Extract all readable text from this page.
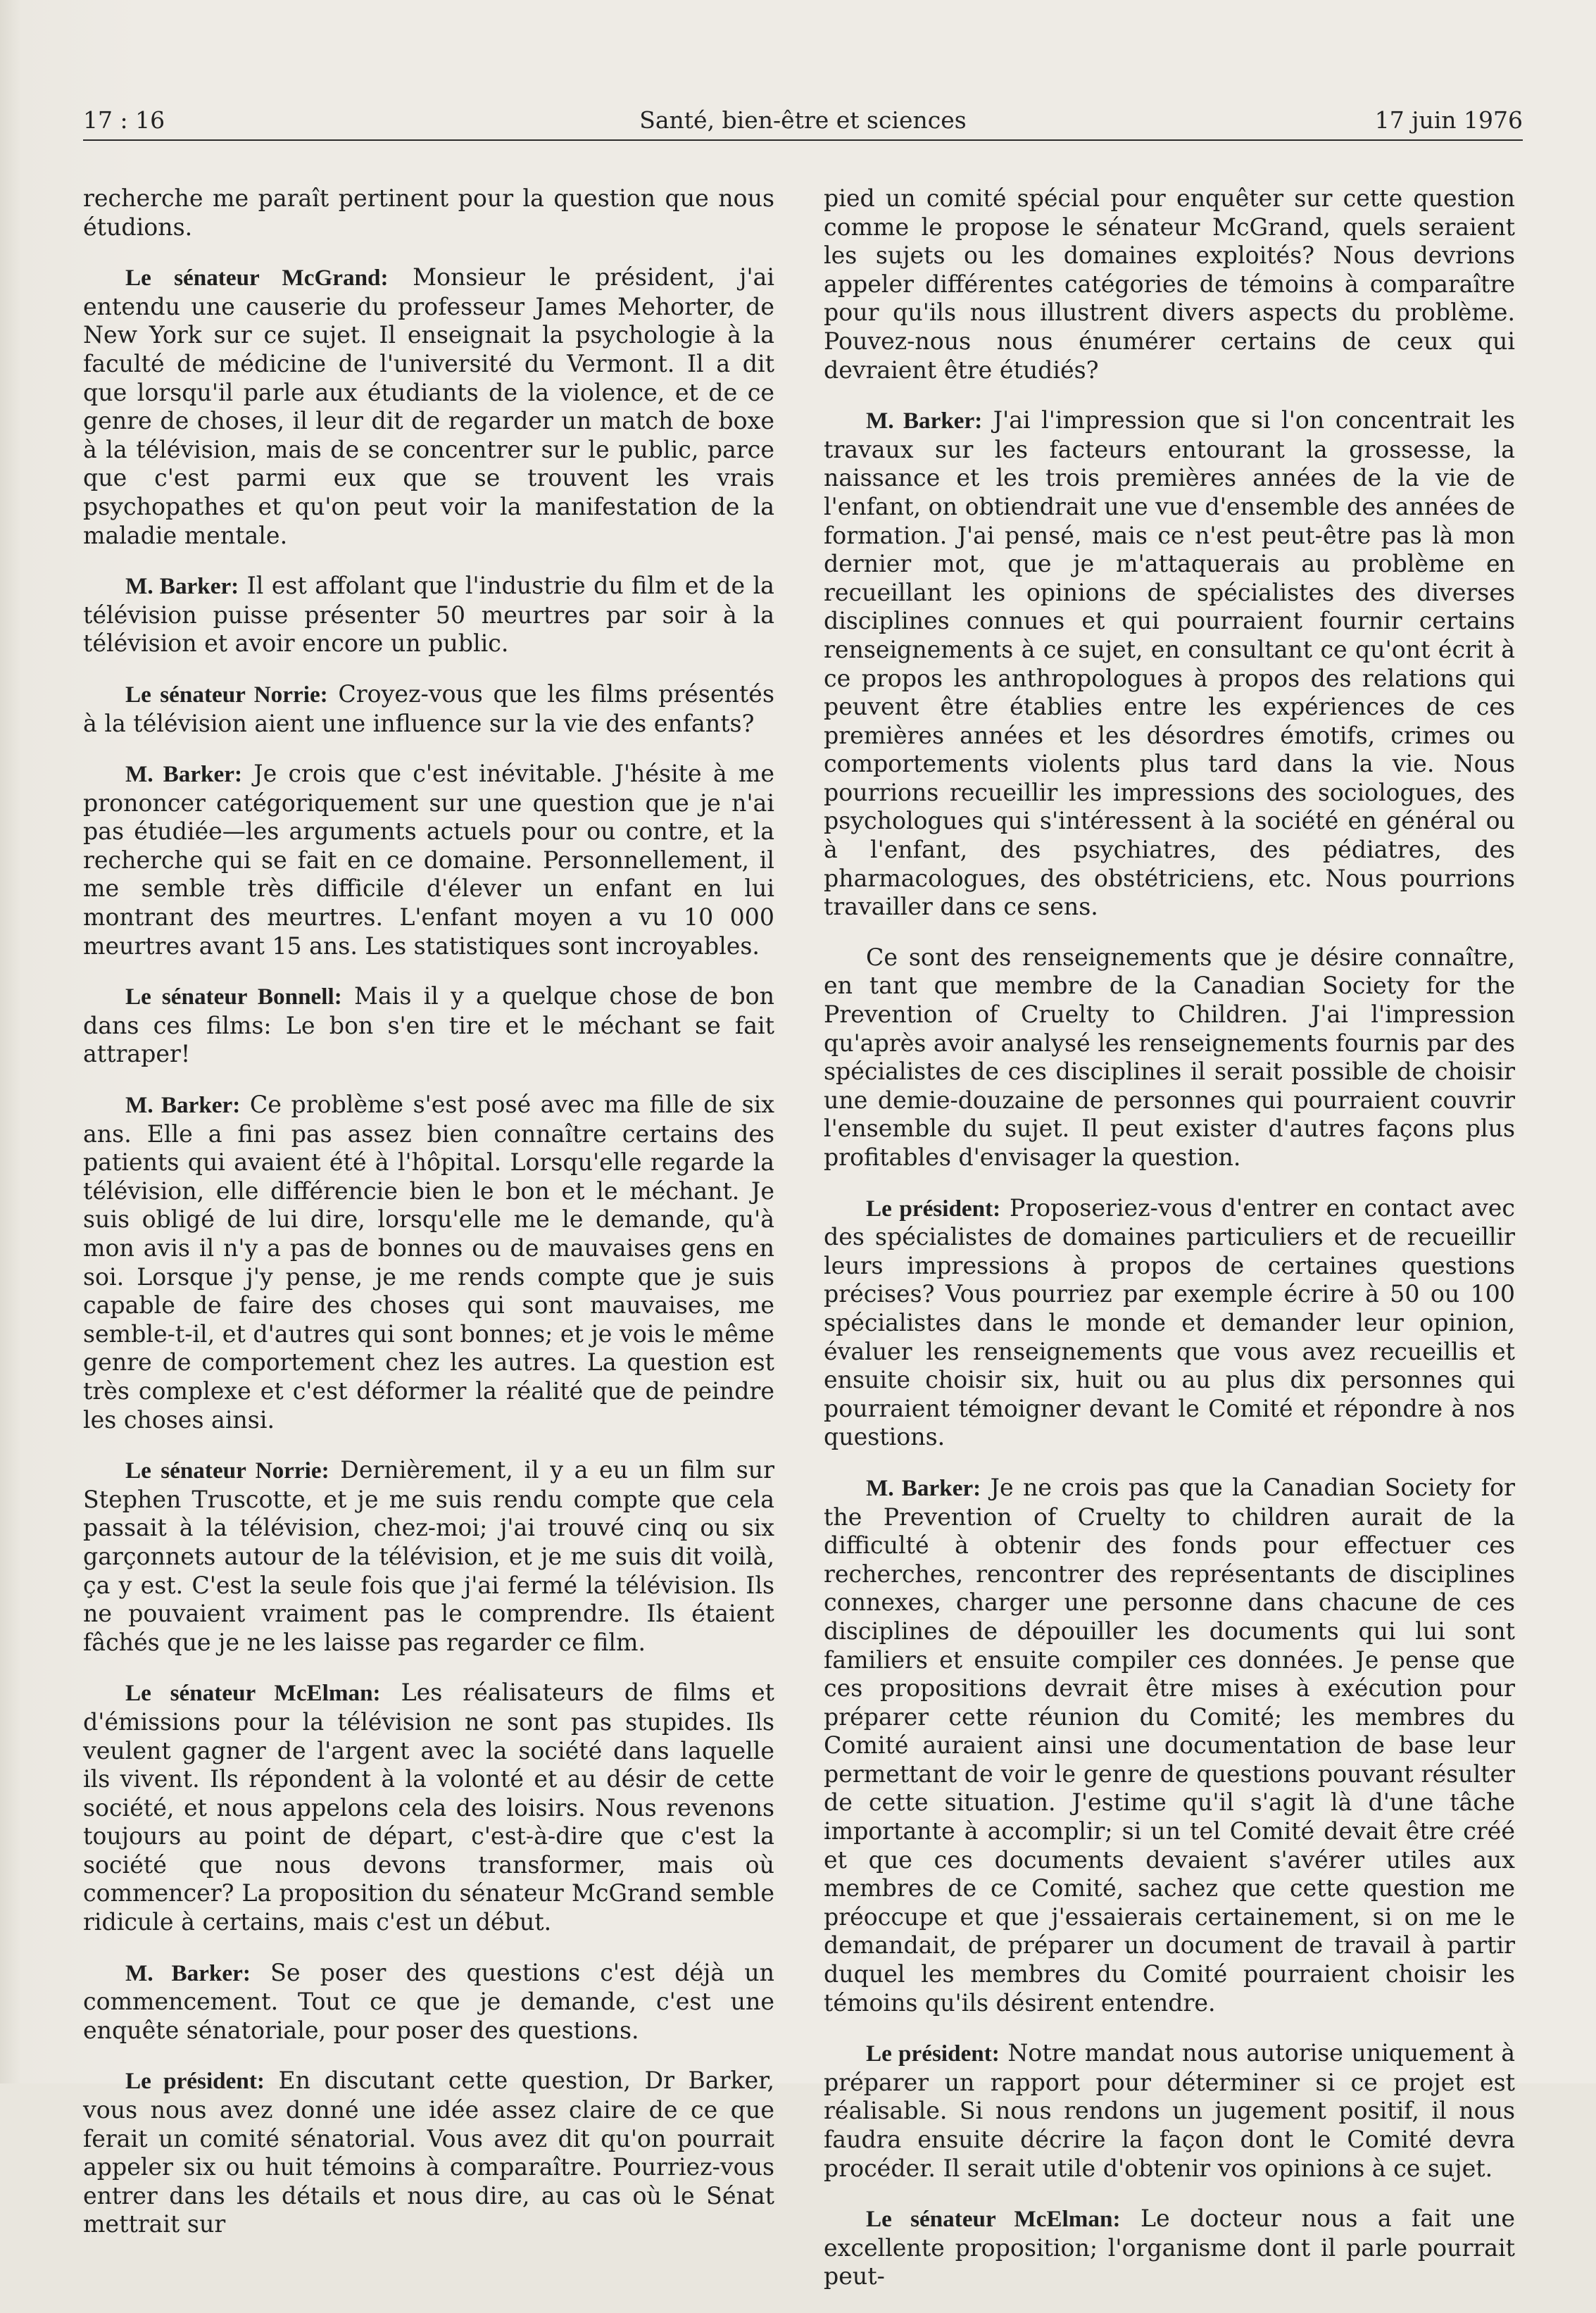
17 : 16	Santé, bien-être et sciences	17 juin 1976

recherche me paraît pertinent pour la question que nous étudions.

Le sénateur McGrand: Monsieur le président, j'ai entendu une causerie du professeur James Mehorter, de New York sur ce sujet. Il enseignait la psychologie à la faculté de médicine de l'université du Vermont. Il a dit que lorsqu'il parle aux étudiants de la violence, et de ce genre de choses, il leur dit de regarder un match de boxe à la télévision, mais de se concentrer sur le public, parce que c'est parmi eux que se trouvent les vrais psychopathes et qu'on peut voir la manifestation de la maladie mentale.

M. Barker: Il est affolant que l'industrie du film et de la télévision puisse présenter 50 meurtres par soir à la télévision et avoir encore un public.

Le sénateur Norrie: Croyez-vous que les films présentés à la télévision aient une influence sur la vie des enfants?

M. Barker: Je crois que c'est inévitable. J'hésite à me prononcer catégoriquement sur une question que je n'ai pas étudiée—les arguments actuels pour ou contre, et la recherche qui se fait en ce domaine. Personnellement, il me semble très difficile d'élever un enfant en lui montrant des meurtres. L'enfant moyen a vu 10 000 meurtres avant 15 ans. Les statistiques sont incroyables.

Le sénateur Bonnell: Mais il y a quelque chose de bon dans ces films: Le bon s'en tire et le méchant se fait attraper!

M. Barker: Ce problème s'est posé avec ma fille de six ans. Elle a fini pas assez bien connaître certains des patients qui avaient été à l'hôpital. Lorsqu'elle regarde la télévision, elle différencie bien le bon et le méchant. Je suis obligé de lui dire, lorsqu'elle me le demande, qu'à mon avis il n'y a pas de bonnes ou de mauvaises gens en soi. Lorsque j'y pense, je me rends compte que je suis capable de faire des choses qui sont mauvaises, me semble-t-il, et d'autres qui sont bonnes; et je vois le même genre de comportement chez les autres. La question est très complexe et c'est déformer la réalité que de peindre les choses ainsi.

Le sénateur Norrie: Dernièrement, il y a eu un film sur Stephen Truscotte, et je me suis rendu compte que cela passait à la télévision, chez-moi; j'ai trouvé cinq ou six garçonnets autour de la télévision, et je me suis dit voilà, ça y est. C'est la seule fois que j'ai fermé la télévision. Ils ne pouvaient vraiment pas le comprendre. Ils étaient fâchés que je ne les laisse pas regarder ce film.

Le sénateur McElman: Les réalisateurs de films et d'émissions pour la télévision ne sont pas stupides. Ils veulent gagner de l'argent avec la société dans laquelle ils vivent. Ils répondent à la volonté et au désir de cette société, et nous appelons cela des loisirs. Nous revenons toujours au point de départ, c'est-à-dire que c'est la société que nous devons transformer, mais où commencer? La proposition du sénateur McGrand semble ridicule à certains, mais c'est un début.

M. Barker: Se poser des questions c'est déjà un commencement. Tout ce que je demande, c'est une enquête sénatoriale, pour poser des questions.

Le président: En discutant cette question, Dr Barker, vous nous avez donné une idée assez claire de ce que ferait un comité sénatorial. Vous avez dit qu'on pourrait appeler six ou huit témoins à comparaître. Pourriez-vous entrer dans les détails et nous dire, au cas où le Sénat mettrait sur

pied un comité spécial pour enquêter sur cette question comme le propose le sénateur McGrand, quels seraient les sujets ou les domaines exploités? Nous devrions appeler différentes catégories de témoins à comparaître pour qu'ils nous illustrent divers aspects du problème. Pouvez-nous nous énumérer certains de ceux qui devraient être étudiés?

M. Barker: J'ai l'impression que si l'on concentrait les travaux sur les facteurs entourant la grossesse, la naissance et les trois premières années de la vie de l'enfant, on obtiendrait une vue d'ensemble des années de formation. J'ai pensé, mais ce n'est peut-être pas là mon dernier mot, que je m'attaquerais au problème en recueillant les opinions de spécialistes des diverses disciplines connues et qui pourraient fournir certains renseignements à ce sujet, en consultant ce qu'ont écrit à ce propos les anthropologues à propos des relations qui peuvent être établies entre les expériences de ces premières années et les désordres émotifs, crimes ou comportements violents plus tard dans la vie. Nous pourrions recueillir les impressions des sociologues, des psychologues qui s'intéressent à la société en général ou à l'enfant, des psychiatres, des pédiatres, des pharmacologues, des obstétriciens, etc. Nous pourrions travailler dans ce sens.

Ce sont des renseignements que je désire connaître, en tant que membre de la Canadian Society for the Prevention of Cruelty to Children. J'ai l'impression qu'après avoir analysé les renseignements fournis par des spécialistes de ces disciplines il serait possible de choisir une demie-douzaine de personnes qui pourraient couvrir l'ensemble du sujet. Il peut exister d'autres façons plus profitables d'envisager la question.

Le président: Proposeriez-vous d'entrer en contact avec des spécialistes de domaines particuliers et de recueillir leurs impressions à propos de certaines questions précises? Vous pourriez par exemple écrire à 50 ou 100 spécialistes dans le monde et demander leur opinion, évaluer les renseignements que vous avez recueillis et ensuite choisir six, huit ou au plus dix personnes qui pourraient témoigner devant le Comité et répondre à nos questions.

M. Barker: Je ne crois pas que la Canadian Society for the Prevention of Cruelty to children aurait de la difficulté à obtenir des fonds pour effectuer ces recherches, rencontrer des représentants de disciplines connexes, charger une personne dans chacune de ces disciplines de dépouiller les documents qui lui sont familiers et ensuite compiler ces données. Je pense que ces propositions devrait être mises à exécution pour préparer cette réunion du Comité; les membres du Comité auraient ainsi une documentation de base leur permettant de voir le genre de questions pouvant résulter de cette situation. J'estime qu'il s'agit là d'une tâche importante à accomplir; si un tel Comité devait être créé et que ces documents devaient s'avérer utiles aux membres de ce Comité, sachez que cette question me préoccupe et que j'essaierais certainement, si on me le demandait, de préparer un document de travail à partir duquel les membres du Comité pourraient choisir les témoins qu'ils désirent entendre.

Le président: Notre mandat nous autorise uniquement à préparer un rapport pour déterminer si ce projet est réalisable. Si nous rendons un jugement positif, il nous faudra ensuite décrire la façon dont le Comité devra procéder. Il serait utile d'obtenir vos opinions à ce sujet.

Le sénateur McElman: Le docteur nous a fait une excellente proposition; l'organisme dont il parle pourrait peut-
